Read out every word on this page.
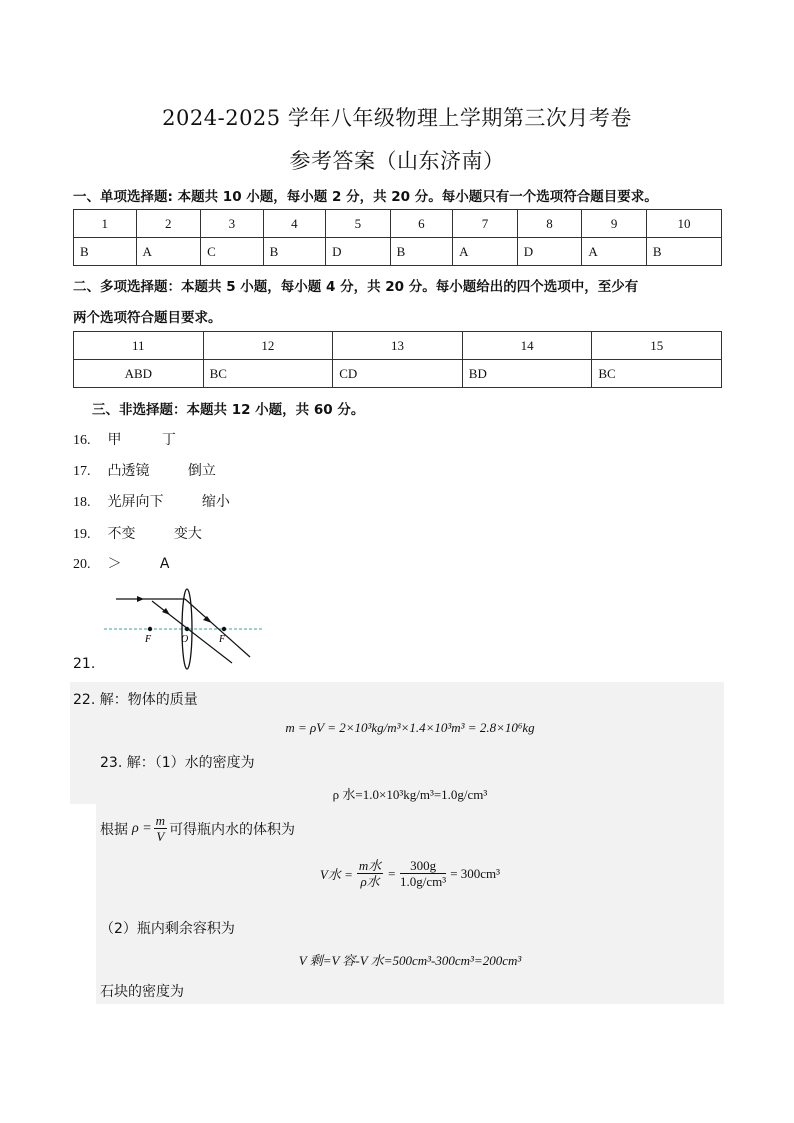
2024-2025 学年八年级物理上学期第三次月考卷
参考答案（山东济南）
一、单项选择题: 本题共 10 小题，每小题 2 分，共 20 分。每小题只有一个选项符合题目要求。
1	2	3	4	5	6	7	8	9	10
B	A	C	B	D	B	A	D	A	B
二、多项选择题：本题共 5 小题，每小题 4 分，共 20 分。每小题给出的四个选项中，至少有
两个选项符合题目要求。
11	12	13	14	15
ABD	BC	CD	BD	BC
三、非选择题：本题共 12 小题，共 60 分。
16. 甲	丁
17. 凸透镜	倒立
18. 光屏向下	缩小
19. 不变	变大
20. ＞	A
21.
F	O	F
22. 解：物体的质量
m = ρV = 2×10³kg/m³×1.4×10³m³ = 2.8×10⁶kg
23. 解：（1）水的密度为
ρ 水=1.0×10³kg/m³=1.0g/cm³
根据 $\rho = \frac{m}{V}$ 可得瓶内水的体积为
V水 = $\frac{\text{m水}}{\text{ρ水}} = \frac{300g}{\text{1.0g/cm³}} = 300cm^3$
（2）瓶内剩余容积为
V 剩=V 容-V 水=500cm³-300cm³=200cm³
石块的密度为
